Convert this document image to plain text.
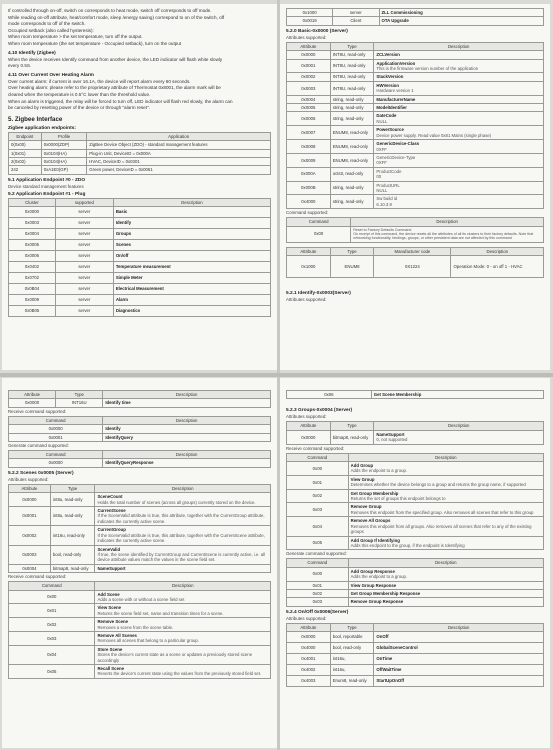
If controlled through on-off, switch on corresponds to heat mode, switch off corresponds to off mode.

While reading on-off attribute, heat/comfort mode, sleep /energy saving) correspond to on of the switch, off

mode corresponds to off of the switch.

Occupied setback (also called hysteresis):

When room temperature > the set temperature, turn off the output.

When room temperature (the set temperature - Occupied setback), turn on the output

4.10 Identify (Zigbee)

When the device receives Identify command from another device, the LED indicator will flash white slowly

every 0.5S.

4.11 Over Current Over Heating Alarm

Over current alarm: if current is over 16.1A, the device will report alarm every 60 seconds.

Over heating alarm: please refer to the proprietary attribute of Thermostat 0x8001, the alarm mark will be

cleared when the temperature is 0.5°C lower than the threshold value.

When an alarm is triggered, the relay will be forced to turn off, LED indicator will flash red slowly, the alarm can

be canceled by resetting power of the device or through "alarm reset".

5. Zigbee Interface
Zigbee application endpoints:
Endpoint	Profile	Application
0(0x00)	0x0000(ZDP)	ZigBee Device Object (ZDO) - standard management features
1(0x01)	0x0104(HA)	Plug-in Unit, DeviceID = 0x000A
2(0x02)	0x0104(HA)	HVAC, DeviceID = 0x0301
242	0xA1E0(GP)	Green power, DeviceID = 0x0061
5.1 Application Endpoint #0 - ZDO
Device standard management features
5.2 Application Endpoint #1 - Plug
Cluster	supported	Description
0x0000	server	Basic
0x0003	server	Identify
0x0004	server	Groups
0x0005	server	Scenes
0x0006	server	On/off
0x0402	server	Temperature measurement
0x0702	server	Simple Meter
0x0B04	server	Electrical Measurement
0x0009	server	Alarm
0x0B05	server	Diagnostics
0x1000	server	ZLL Commissioning
0x0019	Client	OTA Upgrade
5.2.0 Basic-0x0000 (Server)
Attributes supported:
Attribute	Type	Description
0x0000	INT8U, read-only	ZCLVersion

0x0001	INT8U, read-only	ApplicationVersion
This is the firmware version number of the application

0x0002	INT8U, read-only	StackVersion

0x0003	INT8U, read-only	HWVersion
Hardware version 1

0x0004	string, read-only	ManufacturerName

0x0005	string, read-only	ModelIdentifier

0x0006	string, read-only	DateCode
NULL

0x0007	ENUM8, read-only	PowerSource
Device power supply. Read value 0x81 Mains (single phase)

0x0008	ENUM8, read-only	GenericDevice-Class
0XFF

0x0009	ENUM8, read-only	GenericDevice-Type
0XFF

0x000A	octstr, read-only	ProductCode
00

0x000B	string, read-only	ProductURL
NULL

0x4000	string, read-only	Sw build id
6.10.3.9
Command supported:
Command	Description
0x00	Reset to Factory Defaults Command
On receipt of this command, the device resets all the attributes of all its clusters to their factory defaults. Note that networking functionality, bindings, groups, or other persistent data are not affected by this command
Attribute	Type	Manufacturer code	Description
0x1000	ENUM8	0X1224	Operation Mode: 0 - on off 1 - HVAC
5.2.1 Identify-0x0003(Server)
Attributes supported:
Attribute	Type	Description
0x0000	INT16U	Identify time
Receive command supported:
Command	Description
0x0000	Identify
0x0001	IdentifyQuery
Generate command supported:
Command	Description
0x0000	IdentifyQueryResponse
5.2.2 Scenes 0x0005 (Server)
Attributes supported:
Attribute	Type	Description
0x0000	int8u, read-only	SceneCount
Holds the total number of scenes (across all groups) currently stored on the device.

0x0001	int8u, read-only	CurrentScene
If the SceneValid attribute is true, this attribute, together with the CurrentGroup attribute, indicates the currently active scene.

0x0002	int16u, read-only	CurrentGroup
If the SceneValid attribute is true, this attribute, together with the CurrentScene attribute, indicates the currently active scene.

0x0003	bool, read-only	SceneValid
If true, the scene identified by CurrentGroup and CurrentScene is currently active, i.e. all device attribute values match the values in the scene field set.

0x0004	bitmap8, read-only	NameSupport
Receive command supported:
Command	Description
0x00	Add Scene
Adds a scene with or without a scene field set

0x01	View Scene
Returns the scene field set, name and transition times for a scene.

0x02	Remove Scene
Removes a scene from the scene table.

0x03	Remove All Scenes
Removes all scenes that belong to a particular group.

0x04	Store Scene
Stores the device's current state as a scene or updates a previously stored scene accordingly

0x05	Recall Scene
Reverts the device's current state using the values from the previously stored field set.
0x06	Get Scene Membership
5.2.3 Groups-0x0004 (Server)
Attributes supported:
Attribute	Type	Description
0x0000	bitmap8, read-only	NameSupport
0, not supported
Receive command supported:
Command	Description
0x00	Add Group
Adds the endpoint to a group.

0x01	View Group
Determines whether the device belongs to a group and returns the group name, if supported

0x02	Get Group Membership
Returns the set of groups this endpoint belongs to

0x03	Remove Group
Removes this endpoint from the specified group. Also removes all scenes that refer to this group

0x04	Remove All Groups
Removes this endpoint from all groups. Also removes all scenes that refer to any of the existing groups

0x05	Add Group If Identifying
Adds this endpoint to the group, if the endpoint is Identifying
Generate command supported:
Command	Description
0x00	Add Group Response
Adds the endpoint to a group.

0x01	View Group Response

0x02	Get Group Membership Response

0x03	Remove Group Response
5.2.4 On/Off 0x0006(Server)
Attributes supported:
Attribute	Type	Description
0x0000	bool, reportable	OnOff
0x4000	bool, read-only	GlobalSceneControl
0x4001	int16u,	OnTime
0x4002	int16u,	OffWaitTime
0x4003	Enum8, read-only	StartUpOnOff
